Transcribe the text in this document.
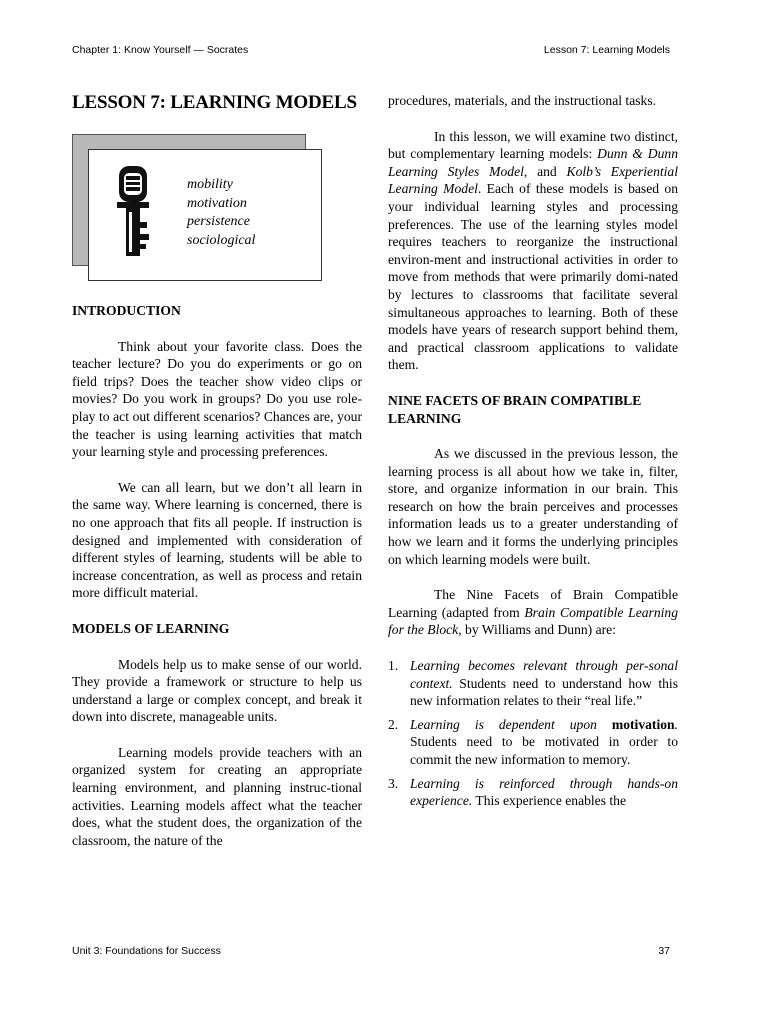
Chapter 1: Know Yourself — Socrates	Lesson 7: Learning Models
LESSON 7: LEARNING MODELS
mobility
motivation
persistence
sociological
INTRODUCTION

Think about your favorite class. Does the teacher lecture? Do you do experiments or go on field trips? Does the teacher show video clips or movies? Do you work in groups? Do you use role-play to act out different scenarios? Chances are, your the teacher is using learning activities that match your learning style and processing preferences.

We can all learn, but we don’t all learn in the same way. Where learning is concerned, there is no one approach that fits all people. If instruction is designed and implemented with consideration of different styles of learning, students will be able to increase concentration, as well as process and retain more difficult material.

MODELS OF LEARNING

Models help us to make sense of our world. They provide a framework or structure to help us understand a large or complex concept, and break it down into discrete, manageable units.

Learning models provide teachers with an organized system for creating an appropriate learning environment, and planning instruc-tional activities. Learning models affect what the teacher does, what the student does, the organization of the classroom, the nature of the

procedures, materials, and the instructional tasks.

In this lesson, we will examine two distinct, but complementary learning models: Dunn & Dunn Learning Styles Model, and Kolb’s Experiential Learning Model. Each of these models is based on your individual learning styles and processing preferences. The use of the learning styles model requires teachers to reorganize the instructional environ-ment and instructional activities in order to move from methods that were primarily domi-nated by lectures to classrooms that facilitate several simultaneous approaches to learning. Both of these models have years of research support behind them, and practical classroom applications to validate them.

NINE FACETS OF BRAIN COMPATIBLE LEARNING

As we discussed in the previous lesson, the learning process is all about how we take in, filter, store, and organize information in our brain. This research on how the brain perceives and processes information leads us to a greater understanding of how we learn and it forms the underlying principles on which learning models were built.

The Nine Facets of Brain Compatible Learning (adapted from Brain Compatible Learning for the Block, by Williams and Dunn) are:

1. Learning becomes relevant through per-sonal context. Students need to understand how this new information relates to their “real life.”
2. Learning is dependent upon motivation. Students need to be motivated in order to commit the new information to memory.
3. Learning is reinforced through hands-on experience. This experience enables the
Unit 3: Foundations for Success	37
